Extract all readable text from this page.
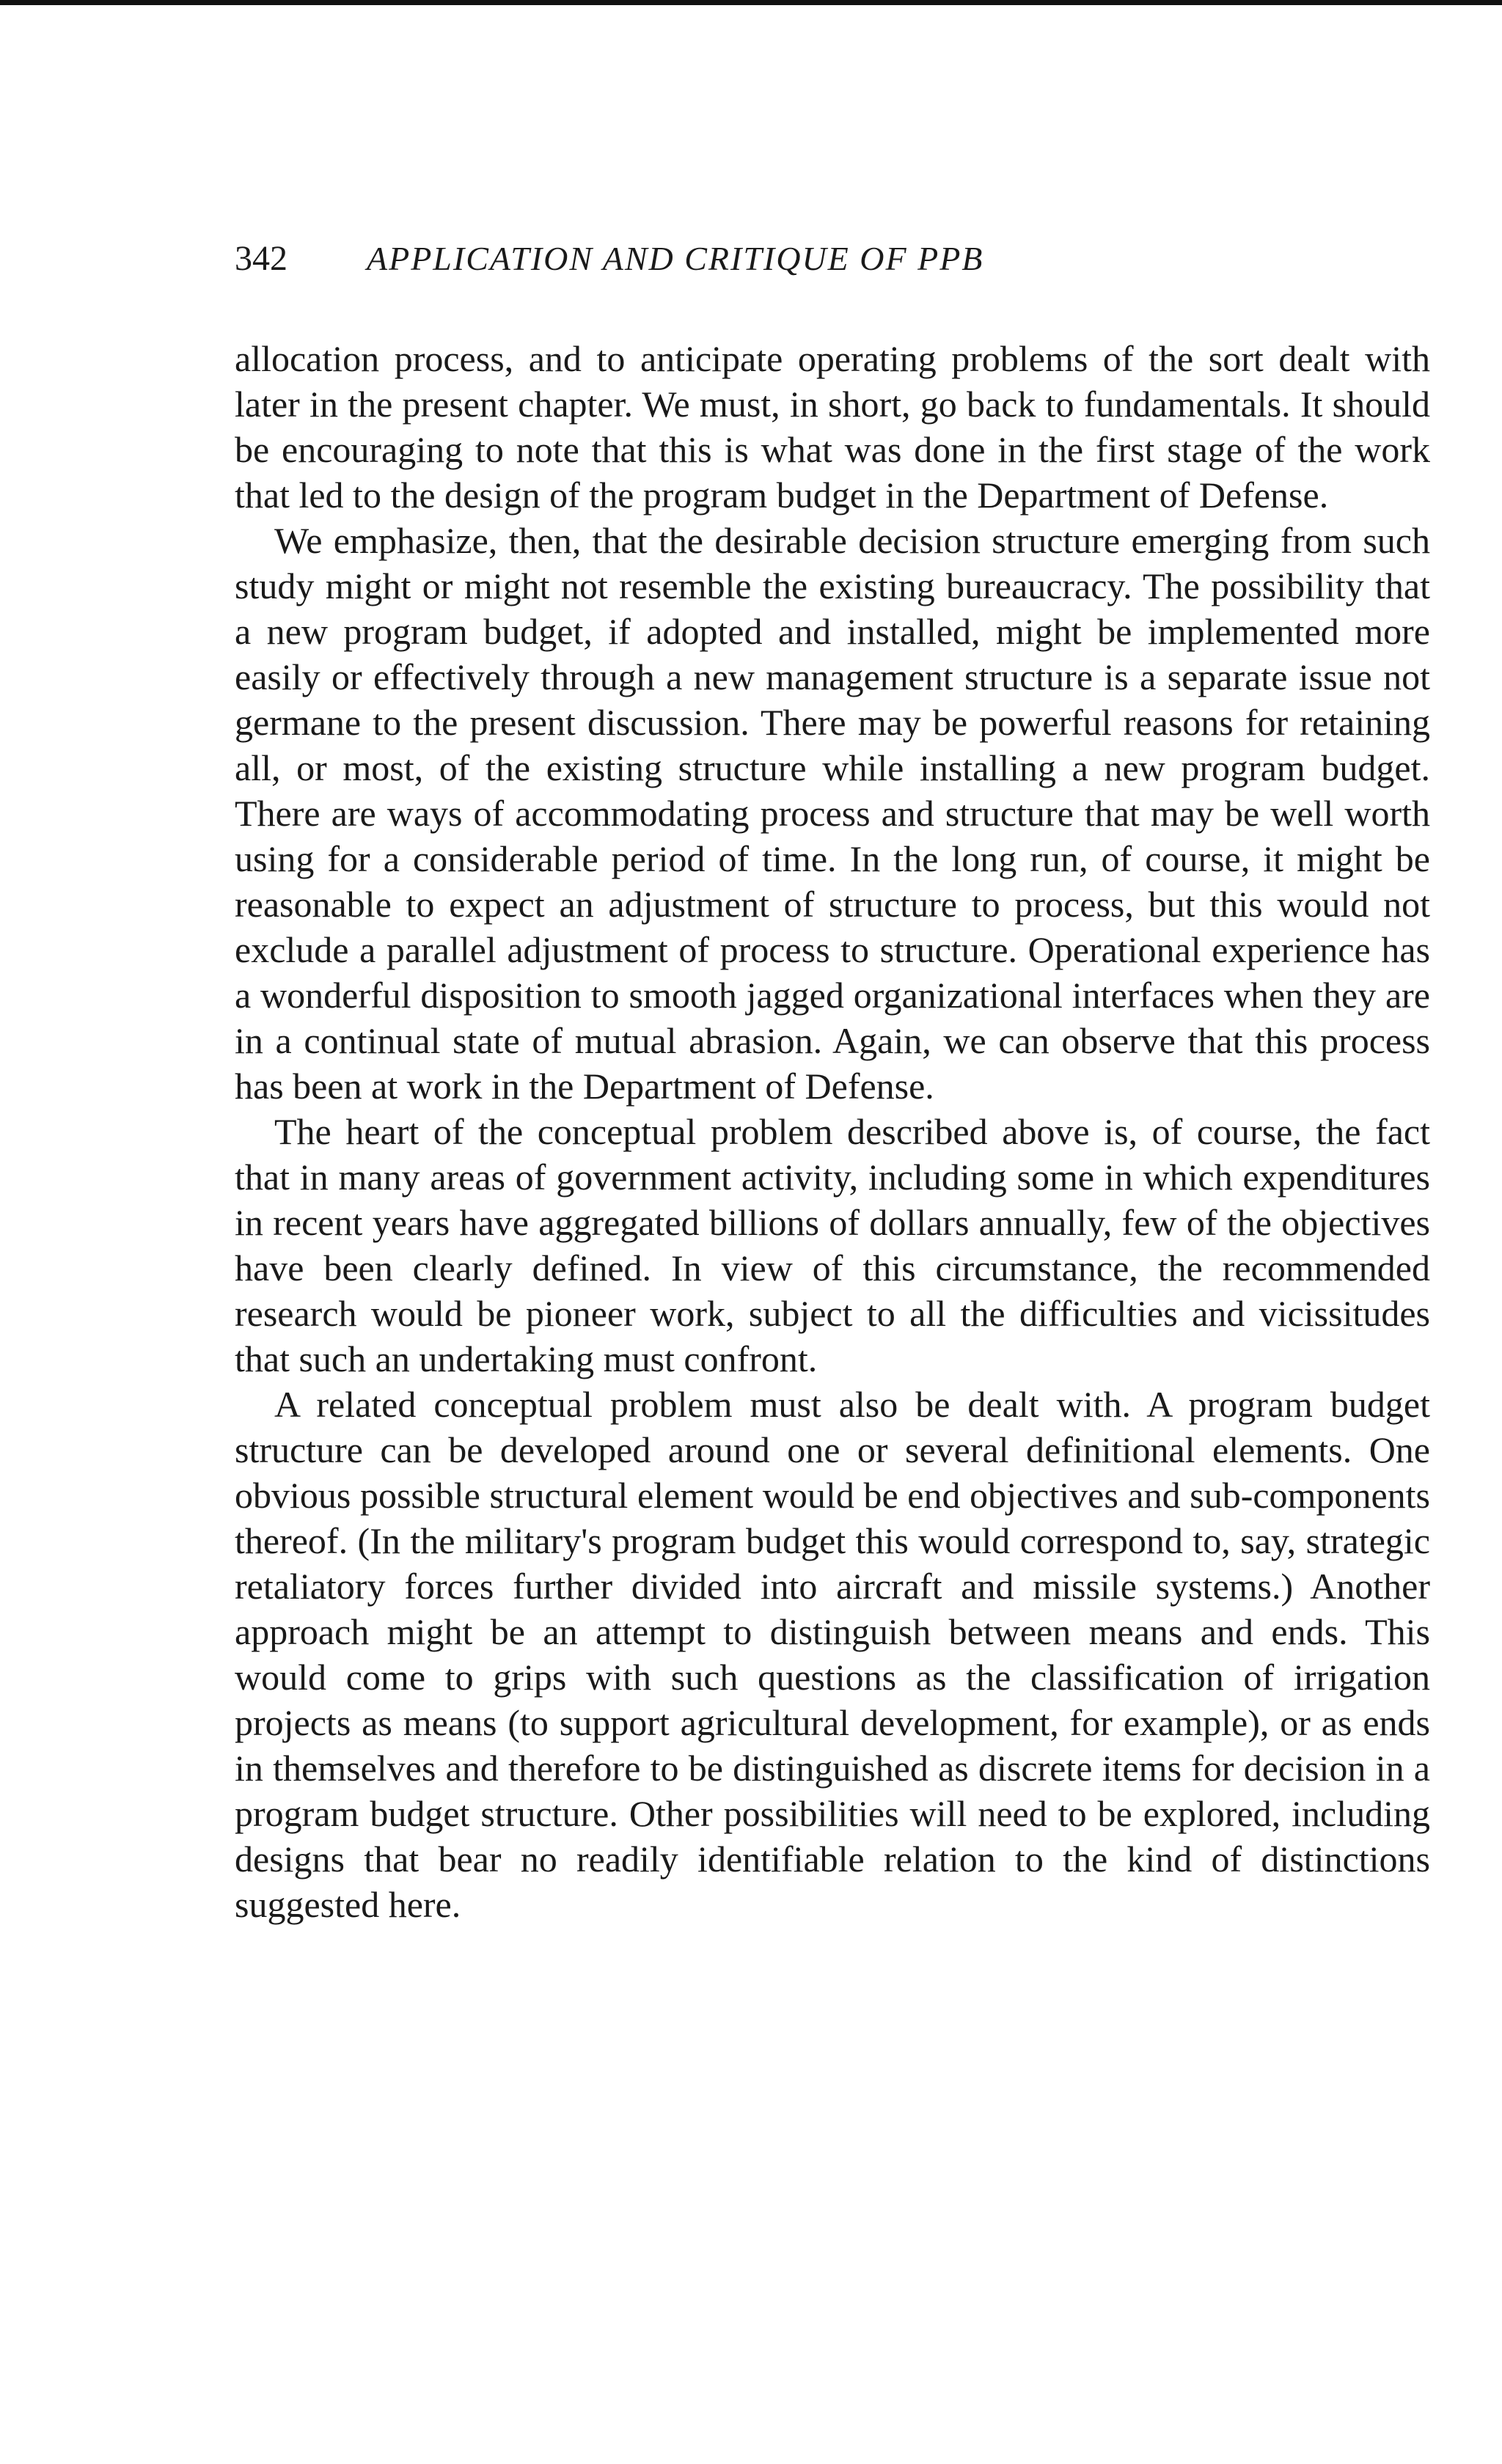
342 APPLICATION AND CRITIQUE OF PPB

allocation process, and to anticipate operating problems of the sort dealt with later in the present chapter. We must, in short, go back to fundamentals. It should be encouraging to note that this is what was done in the first stage of the work that led to the design of the program budget in the Department of Defense.

We emphasize, then, that the desirable decision structure emerging from such study might or might not resemble the existing bureaucracy. The possibility that a new program budget, if adopted and installed, might be implemented more easily or effectively through a new management structure is a separate issue not germane to the present discussion. There may be powerful reasons for retaining all, or most, of the existing structure while installing a new program budget. There are ways of accommodating process and structure that may be well worth using for a considerable period of time. In the long run, of course, it might be reasonable to expect an adjustment of structure to process, but this would not exclude a parallel adjustment of process to structure. Operational experience has a wonderful disposition to smooth jagged organizational interfaces when they are in a continual state of mutual abrasion. Again, we can observe that this process has been at work in the Department of Defense.

The heart of the conceptual problem described above is, of course, the fact that in many areas of government activity, including some in which expenditures in recent years have aggregated billions of dollars annually, few of the objectives have been clearly defined. In view of this circumstance, the recommended research would be pioneer work, subject to all the difficulties and vicissitudes that such an undertaking must confront.

A related conceptual problem must also be dealt with. A program budget structure can be developed around one or several definitional elements. One obvious possible structural element would be end objectives and sub-components thereof. (In the military's program budget this would correspond to, say, strategic retaliatory forces further divided into aircraft and missile systems.) Another approach might be an attempt to distinguish between means and ends. This would come to grips with such questions as the classification of irrigation projects as means (to support agricultural development, for example), or as ends in themselves and therefore to be distinguished as discrete items for decision in a program budget structure. Other possibilities will need to be explored, including designs that bear no readily identifiable relation to the kind of distinctions suggested here.
